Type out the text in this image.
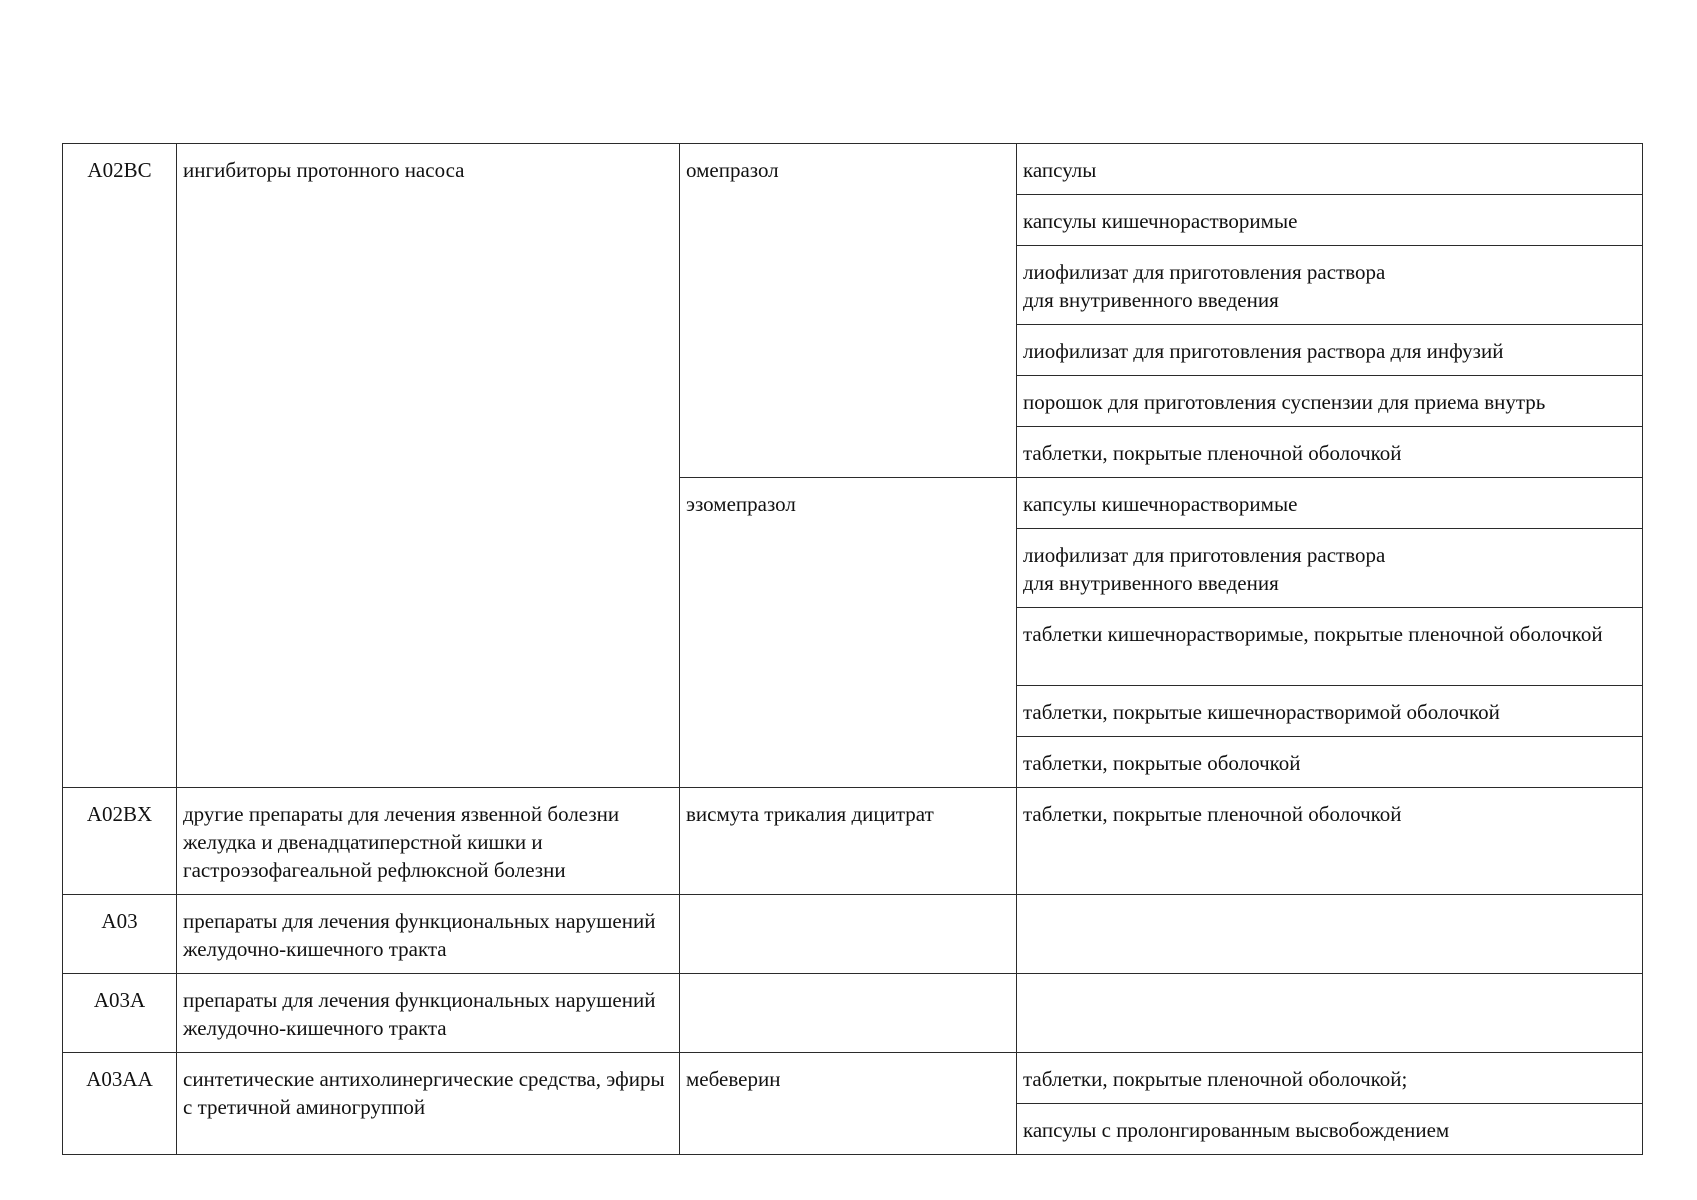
A02BC	ингибиторы протонного насоса	омепразол	капсулы
			капсулы кишечнорастворимые
			лиофилизат для приготовления раствора
для внутривенного введения
			лиофилизат для приготовления раствора для инфузий
			порошок для приготовления суспензии для приема внутрь
			таблетки, покрытые пленочной оболочкой
		эзомепразол	капсулы кишечнорастворимые
			лиофилизат для приготовления раствора
для внутривенного введения
			таблетки кишечнорастворимые, покрытые пленочной оболочкой
			таблетки, покрытые кишечнорастворимой оболочкой
			таблетки, покрытые оболочкой
A02BX	другие препараты для лечения язвенной болезни желудка и двенадцатиперстной кишки и гастроэзофагеальной рефлюксной болезни	висмута трикалия дицитрат	таблетки, покрытые пленочной оболочкой
A03	препараты для лечения функциональных нарушений желудочно-кишечного тракта		
A03A	препараты для лечения функциональных нарушений желудочно-кишечного тракта		
A03AA	синтетические антихолинергические средства, эфиры с третичной аминогруппой	мебеверин	таблетки, покрытые пленочной оболочкой;
			капсулы с пролонгированным высвобождением
